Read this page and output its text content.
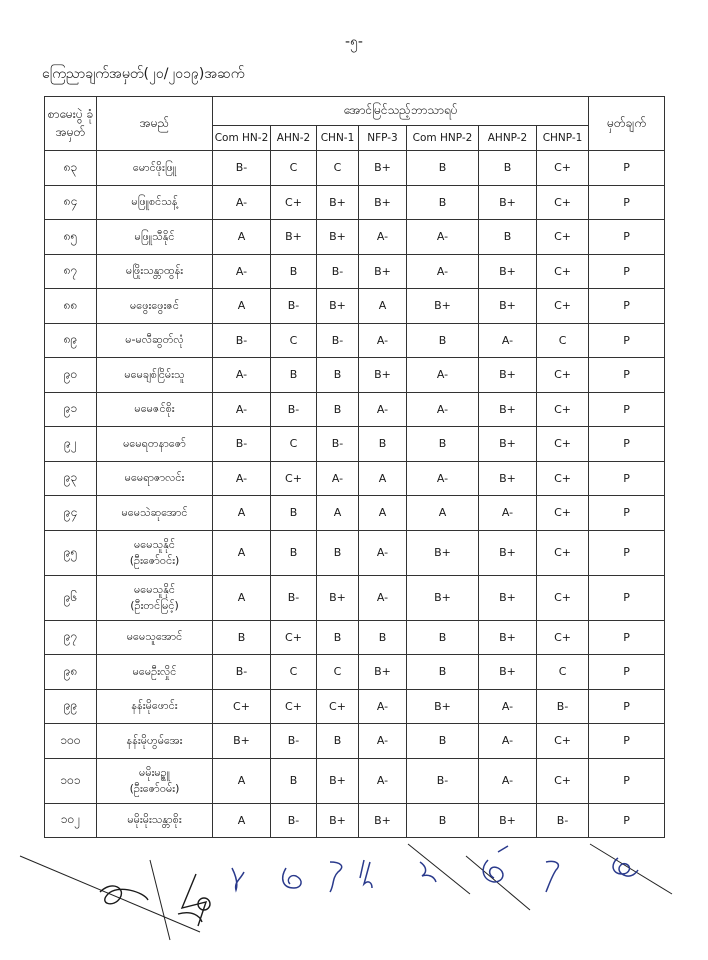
-၅-
ကြေညာချက်အမှတ်(၂၀/၂၀၁၉)အဆက်
စာမေးပွဲ ခုံအမှတ်	အမည်	အောင်မြင်သည့်ဘာသာရပ်							မှတ်ချက်
		Com HN-2	AHN-2	CHN-1	NFP-3	Com HNP-2	AHNP-2	CHNP-1	
၈၃	မောင်ဖိုးဖြူ	B-	C	C	B+	B	B	C+	P
၈၄	မဖြူစင်သန့်	A-	C+	B+	B+	B	B+	C+	P
၈၅	မဖြူသီနိုင်	A	B+	B+	A-	A-	B	C+	P
၈၇	မဖြိုးသန္တာထွန်း	A-	B	B-	B+	A-	B+	C+	P
၈၈	မဖွေးဖွေးဇင်	A	B-	B+	A	B+	B+	C+	P
၈၉	မ-မလီဆွတ်လုံ	B-	C	B-	A-	B	A-	C	P
၉၀	မမေချစ်ငြိမ်းသူ	A-	B	B	B+	A-	B+	C+	P
၉၁	မမေဇင်စိုး	A-	B-	B	A-	A-	B+	C+	P
၉၂	မမေရတနာဇော်	B-	C	B-	B	B	B+	C+	P
၉၃	မမေရာဇာလင်း	A-	C+	A-	A	A-	B+	C+	P
၉၄	မမေသဲဆုအောင်	A	B	A	A	A	A-	C+	P
၉၅	မမေသူနိုင်
(ဦးဇော်ဝင်း)	A	B	B	A-	B+	B+	C+	P
၉၆	မမေသူနိုင်
(ဦးတင်မြင့်)	A	B-	B+	A-	B+	B+	C+	P
၉၇	မမေသူအောင်	B	C+	B	B	B	B+	C+	P
၉၈	မမေဦးလှိုင်	B-	C	C	B+	B	B+	C	P
၉၉	နန်းမိုဖောင်း	C+	C+	C+	A-	B+	A-	B-	P
၁၀၀	နန်းမိုဟွမ်အေး	B+	B-	B	A-	B	A-	C+	P
၁၀၁	မမိုးမဥ္စူ
(ဦးဇော်ဝမ်း)	A	B	B+	A-	B-	A-	C+	P
၁၀၂	မမိုးမိုးသန္တာစိုး	A	B-	B+	B+	B	B+	B-	P
